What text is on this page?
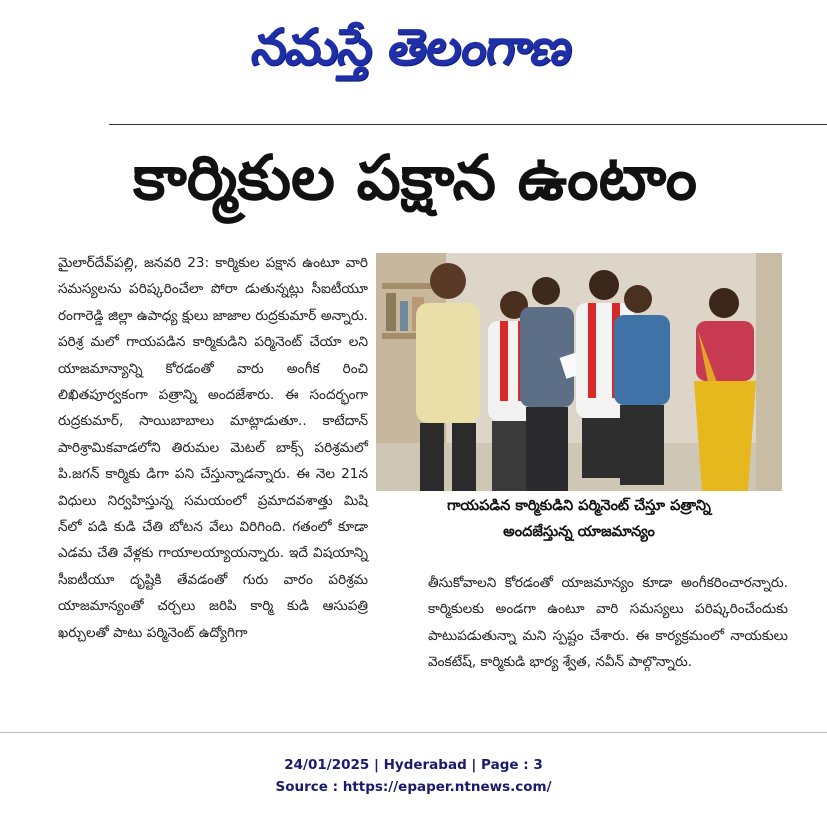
నమస్తే తెలంగాణ
కార్మికుల పక్షాన ఉంటాం

మైలార్‌దేవ్‌పల్లి, జనవరి 23: కార్మికుల పక్షాన ఉంటూ వారి సమస్యలను పరిష్కరించేలా పోరా డుతున్నట్లు సీఐటీయూ రంగారెడ్డి జిల్లా ఉపాధ్య క్షులు జాజాల రుద్రకుమార్ అన్నారు. పరిశ్ర మలో గాయపడిన కార్మికుడిని పర్మినెంట్ చేయా లని యాజమాన్యాన్ని కోరడంతో వారు అంగీక రించి లిఖితపూర్వకంగా పత్రాన్ని అందజేశారు. ఈ సందర్భంగా రుద్రకుమార్, సాయిబాబాలు మాట్లాడుతూ.. కాటేదాన్ పారిశ్రామికవాడలోని తిరుమల మెటల్ బాక్స్ పరిశ్రమలో పి.జగన్ కార్మికు డిగా పని చేస్తున్నాడన్నారు. ఈ నెల 21న విధులు నిర్వహిస్తున్న సమయంలో ప్రమాదవశాత్తు మిషి న్‌లో పడి కుడి చేతి బోటన వేలు విరిగింది. గతంలో కూడా ఎడమ చేతి వేళ్లకు గాయాలయ్యాయన్నారు. ఇదే విషయాన్ని సీఐటీయూ దృష్టికి తేవడంతో గురు వారం పరిశ్రమ యాజమాన్యంతో చర్చలు జరిపి కార్మి కుడి ఆసుపత్రి ఖర్చులతో పాటు పర్మినెంట్ ఉద్యోగిగా

గాయపడిన కార్మికుడిని పర్మినెంట్ చేస్తూ పత్రాన్ని
అందజేస్తున్న యాజమాన్యం

తీసుకోవాలని కోరడంతో యాజమాన్యం కూడా అంగీకరించారన్నారు. కార్మికులకు అండగా ఉంటూ వారి సమస్యలు పరిష్కరించేందుకు పాటుపడుతున్నా మని స్పష్టం చేశారు. ఈ కార్యక్రమంలో నాయకులు వెంకటేష్, కార్మికుడి భార్య శ్వేత, నవీన్ పాల్గొన్నారు.

24/01/2025 | Hyderabad | Page : 3
Source : https://epaper.ntnews.com/
